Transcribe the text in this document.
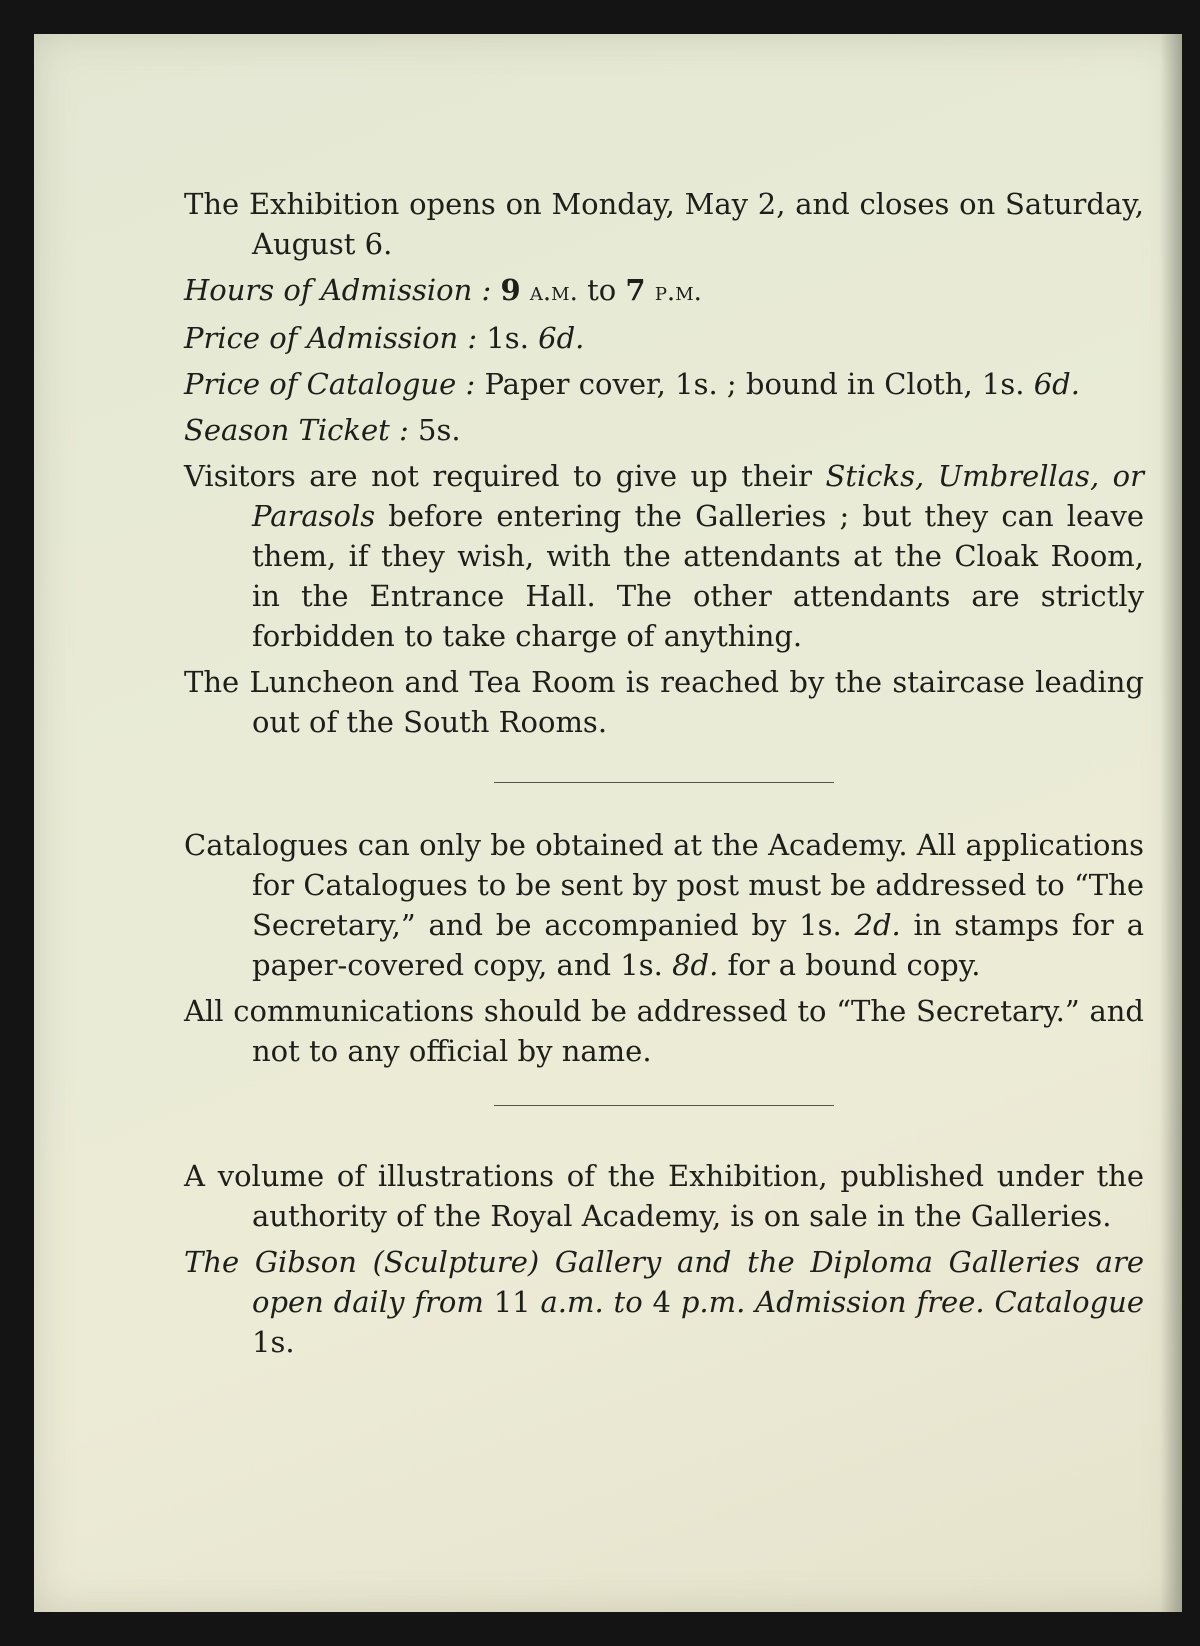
The Exhibition opens on Monday, May 2, and closes on Saturday, August 6.

Hours of Admission : 9 a.m. to 7 p.m.

Price of Admission : 1s. 6d.

Price of Catalogue : Paper cover, 1s. ; bound in Cloth, 1s. 6d.

Season Ticket : 5s.

Visitors are not required to give up their Sticks, Umbrellas, or Parasols before entering the Galleries ; but they can leave them, if they wish, with the attendants at the Cloak Room, in the Entrance Hall. The other attendants are strictly forbidden to take charge of anything.

The Luncheon and Tea Room is reached by the staircase leading out of the South Rooms.

Catalogues can only be obtained at the Academy. All applications for Catalogues to be sent by post must be addressed to “The Secretary,” and be accompanied by 1s. 2d. in stamps for a paper-covered copy, and 1s. 8d. for a bound copy.

All communications should be addressed to “The Secretary.” and not to any official by name.

A volume of illustrations of the Exhibition, published under the authority of the Royal Academy, is on sale in the Galleries.

The Gibson (Sculpture) Gallery and the Diploma Galleries are open daily from 11 a.m. to 4 p.m. Admission free. Catalogue 1s.
